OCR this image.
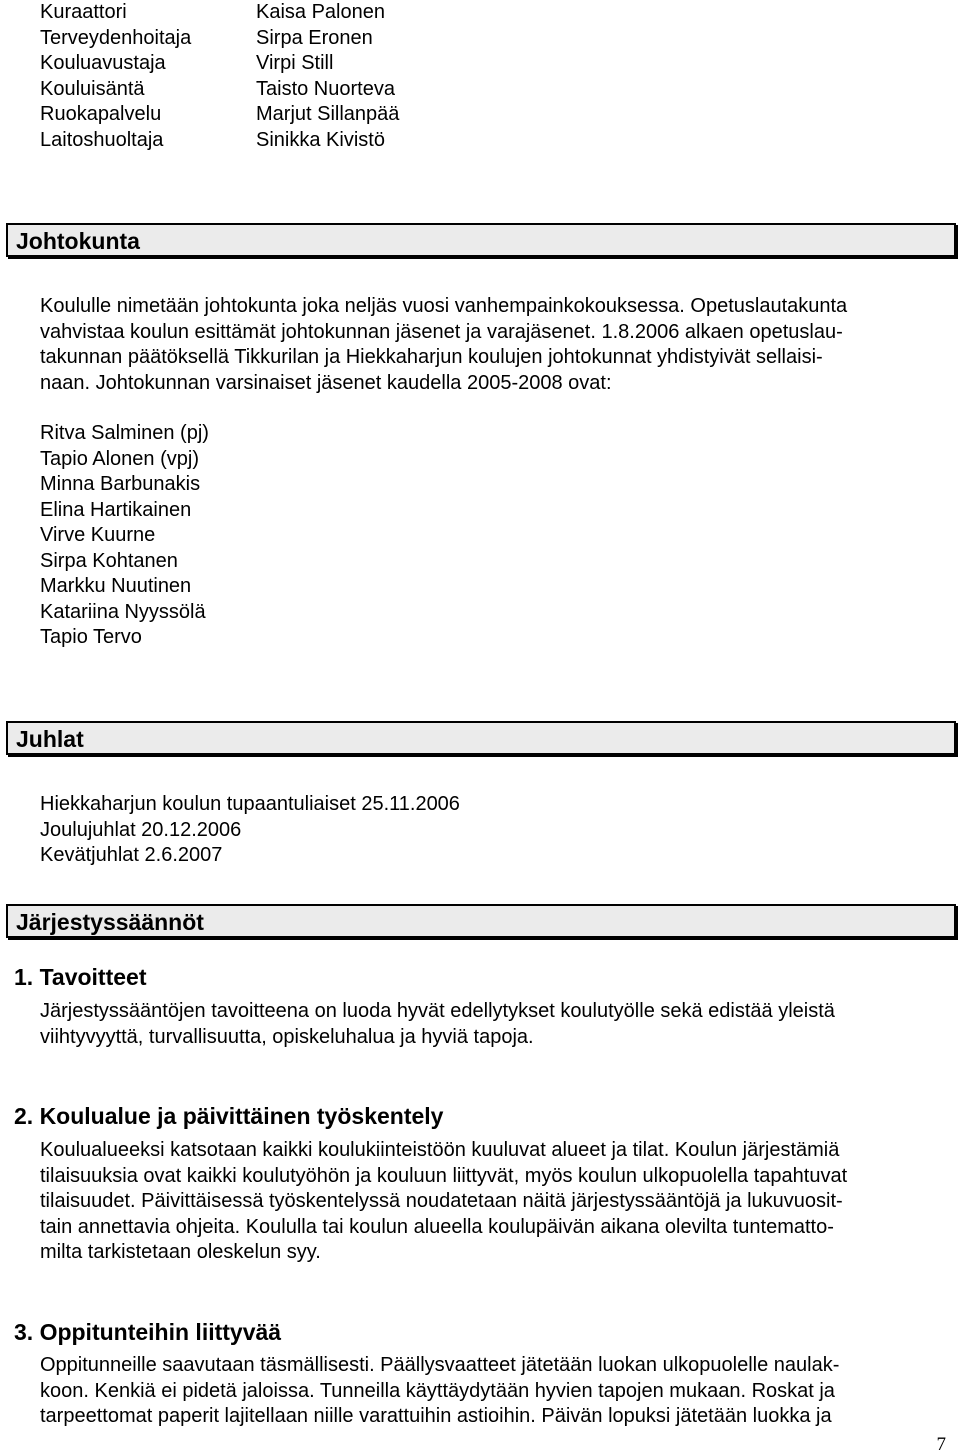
Kuraattori	Kaisa Palonen
Terveydenhoitaja	Sirpa Eronen
Kouluavustaja	Virpi Still
Kouluisäntä	Taisto Nuorteva
Ruokapalvelu	Marjut Sillanpää
Laitoshuoltaja	Sinikka Kivistö
Johtokunta
Koululle nimetään johtokunta joka neljäs vuosi vanhempainkokouksessa. Opetuslautakunta
vahvistaa koulun esittämät johtokunnan jäsenet ja varajäsenet. 1.8.2006 alkaen opetuslau-
takunnan päätöksellä Tikkurilan ja Hiekkaharjun koulujen johtokunnat yhdistyivät sellaisi-
naan. Johtokunnan varsinaiset jäsenet kaudella 2005-2008 ovat:
Ritva Salminen (pj)
Tapio Alonen (vpj)
Minna Barbunakis
Elina Hartikainen
Virve Kuurne
Sirpa Kohtanen
Markku Nuutinen
Katariina Nyyssölä
Tapio Tervo
Juhlat
Hiekkaharjun koulun tupaantuliaiset 25.11.2006
Joulujuhlat 20.12.2006
Kevätjuhlat 2.6.2007
Järjestyssäännöt
1. Tavoitteet
Järjestyssääntöjen tavoitteena on luoda hyvät edellytykset koulutyölle sekä edistää yleistä
viihtyvyyttä, turvallisuutta, opiskeluhalua ja hyviä tapoja.
2. Koulualue ja päivittäinen työskentely
Koulualueeksi katsotaan kaikki koulukiinteistöön kuuluvat alueet ja tilat. Koulun järjestämiä
tilaisuuksia ovat kaikki koulutyöhön ja kouluun liittyvät, myös koulun ulkopuolella tapahtuvat
tilaisuudet. Päivittäisessä työskentelyssä noudatetaan näitä järjestyssääntöjä ja lukuvuosit-
tain annettavia ohjeita. Koululla tai koulun alueella koulupäivän aikana olevilta tuntematto-
milta tarkistetaan oleskelun syy.
3. Oppitunteihin liittyvää
Oppitunneille saavutaan täsmällisesti. Päällysvaatteet jätetään luokan ulkopuolelle naulak-
koon. Kenkiä ei pidetä jaloissa. Tunneilla käyttäydytään hyvien tapojen mukaan. Roskat ja
tarpeettomat paperit lajitellaan niille varattuihin astioihin. Päivän lopuksi jätetään luokka ja
7
